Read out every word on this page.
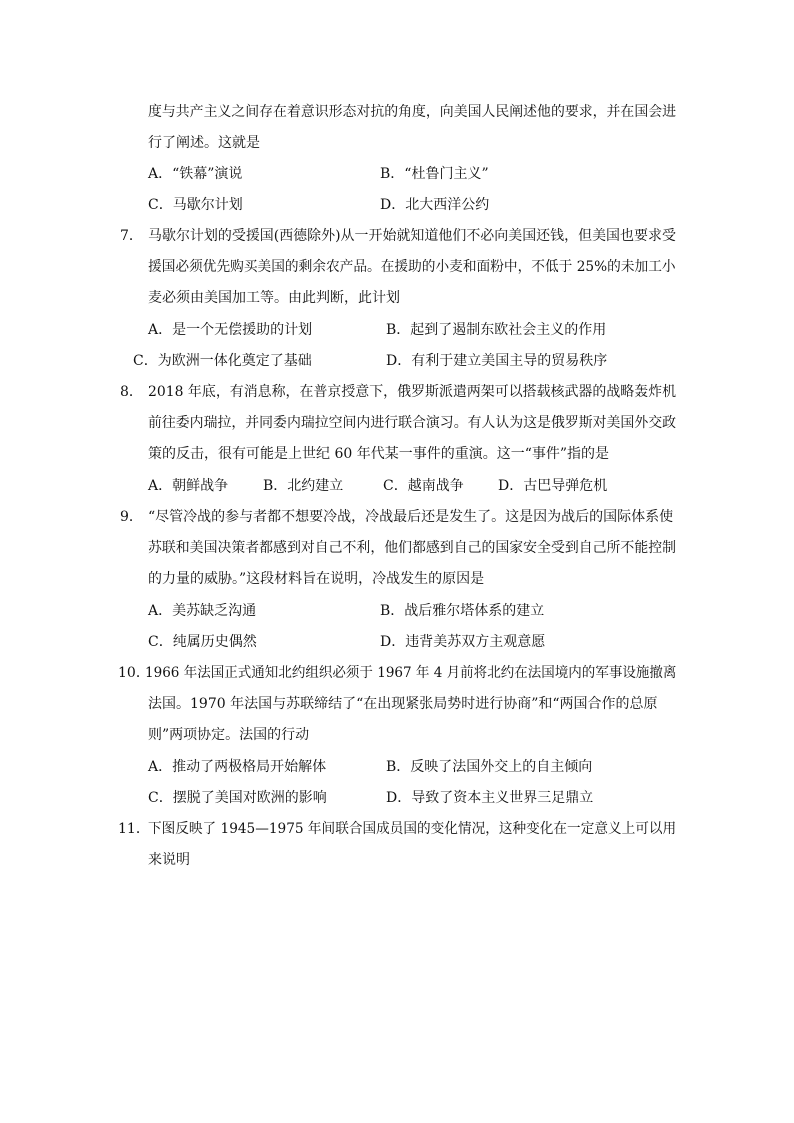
度与共产主义之间存在着意识形态对抗的角度，向美国人民阐述他的要求，并在国会进
行了阐述。这就是
A．“铁幕”演说	B．“杜鲁门主义”
C．马歇尔计划	D．北大西洋公约
7． 马歇尔计划的受援国(西德除外)从一开始就知道他们不必向美国还钱，但美国也要求受
援国必须优先购买美国的剩余农产品。在援助的小麦和面粉中，不低于 25%的未加工小
麦必须由美国加工等。由此判断，此计划
A．是一个无偿援助的计划	B．起到了遏制东欧社会主义的作用
C．为欧洲一体化奠定了基础	D．有利于建立美国主导的贸易秩序
8． 2018 年底，有消息称，在普京授意下，俄罗斯派遣两架可以搭载核武器的战略轰炸机
前往委内瑞拉，并同委内瑞拉空间内进行联合演习。有人认为这是俄罗斯对美国外交政
策的反击，很有可能是上世纪 60 年代某一事件的重演。这一“事件”指的是
A．朝鲜战争 B．北约建立	C．越南战争 D．古巴导弹危机
9． “尽管冷战的参与者都不想要冷战，冷战最后还是发生了。这是因为战后的国际体系使
苏联和美国决策者都感到对自己不利，他们都感到自己的国家安全受到自己所不能控制
的力量的威胁。”这段材料旨在说明，冷战发生的原因是
A．美苏缺乏沟通	B．战后雅尔塔体系的建立
C．纯属历史偶然	D．违背美苏双方主观意愿
10．
1966 年法国正式通知北约组织必须于 1967 年 4 月前将北约在法国境内的军事设施撤离
法国。1970 年法国与苏联缔结了“在出现紧张局势时进行协商”和“两国合作的总原
则”两项协定。法国的行动
A．推动了两极格局开始解体	B．反映了法国外交上的自主倾向
C．摆脱了美国对欧洲的影响	D．导致了资本主义世界三足鼎立
11．
下图反映了 1945—1975 年间联合国成员国的变化情况，这种变化在一定意义上可以用
来说明
